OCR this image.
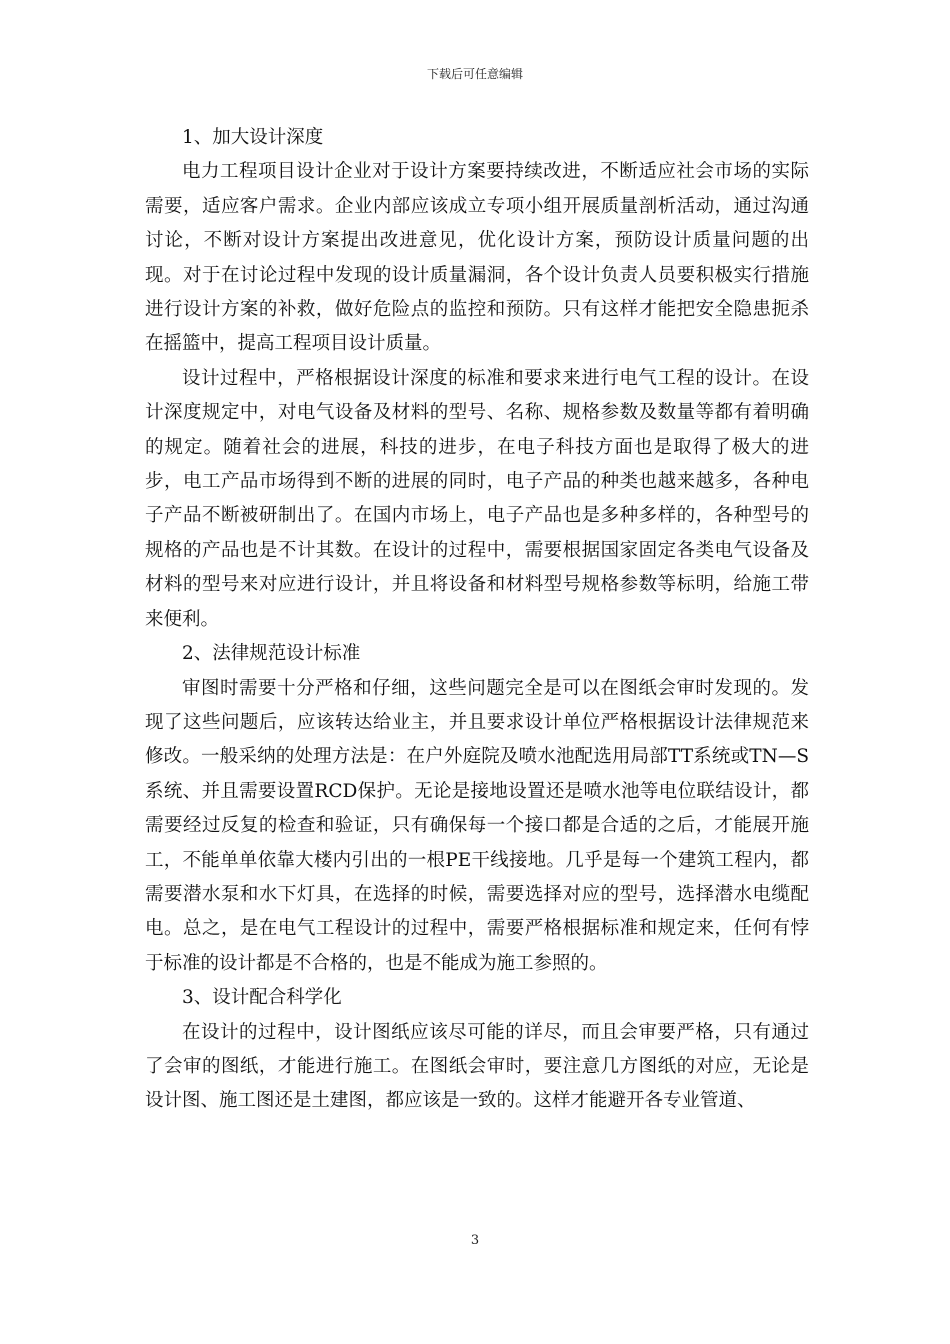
下载后可任意编辑

1、加大设计深度

电力工程项目设计企业对于设计方案要持续改进，不断适应社会市场的实际需要，适应客户需求。企业内部应该成立专项小组开展质量剖析活动，通过沟通讨论，不断对设计方案提出改进意见，优化设计方案，预防设计质量问题的出现。对于在讨论过程中发现的设计质量漏洞，各个设计负责人员要积极实行措施进行设计方案的补救，做好危险点的监控和预防。只有这样才能把安全隐患扼杀在摇篮中，提高工程项目设计质量。

设计过程中，严格根据设计深度的标准和要求来进行电气工程的设计。在设计深度规定中，对电气设备及材料的型号、名称、规格参数及数量等都有着明确的规定。随着社会的进展，科技的进步，在电子科技方面也是取得了极大的进步，电工产品市场得到不断的进展的同时，电子产品的种类也越来越多，各种电子产品不断被研制出了。在国内市场上，电子产品也是多种多样的，各种型号的规格的产品也是不计其数。在设计的过程中，需要根据国家固定各类电气设备及材料的型号来对应进行设计，并且将设备和材料型号规格参数等标明，给施工带来便利。

2、法律规范设计标准

审图时需要十分严格和仔细，这些问题完全是可以在图纸会审时发现的。发现了这些问题后，应该转达给业主，并且要求设计单位严格根据设计法律规范来修改。一般采纳的处理方法是：在户外庭院及喷水池配选用局部TT系统或TN—S系统、并且需要设置RCD保护。无论是接地设置还是喷水池等电位联结设计，都需要经过反复的检查和验证，只有确保每一个接口都是合适的之后，才能展开施工，不能单单依靠大楼内引出的一根PE干线接地。几乎是每一个建筑工程内，都需要潜水泵和水下灯具，在选择的时候，需要选择对应的型号，选择潜水电缆配电。总之，是在电气工程设计的过程中，需要严格根据标准和规定来，任何有悖于标准的设计都是不合格的，也是不能成为施工参照的。

3、设计配合科学化

在设计的过程中，设计图纸应该尽可能的详尽，而且会审要严格，只有通过了会审的图纸，才能进行施工。在图纸会审时，要注意几方图纸的对应，无论是设计图、施工图还是土建图，都应该是一致的。这样才能避开各专业管道、

3
